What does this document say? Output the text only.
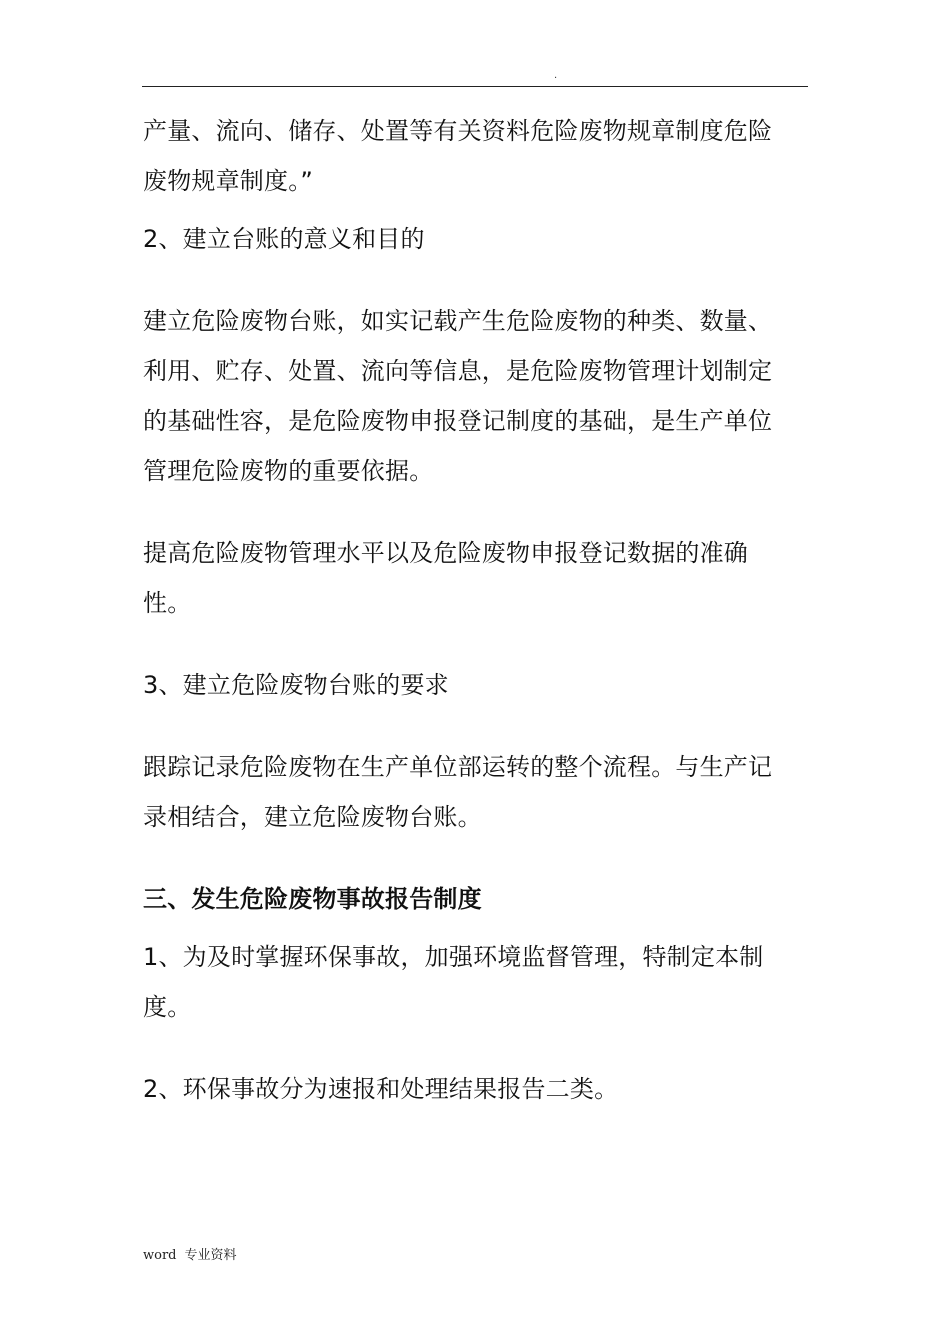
.

产量、流向、储存、处置等有关资料危险废物规章制度危险
废物规章制度。”

2、建立台账的意义和目的

建立危险废物台账，如实记载产生危险废物的种类、数量、
利用、贮存、处置、流向等信息，是危险废物管理计划制定
的基础性容，是危险废物申报登记制度的基础，是生产单位
管理危险废物的重要依据。

提高危险废物管理水平以及危险废物申报登记数据的准确
性。

3、建立危险废物台账的要求

跟踪记录危险废物在生产单位部运转的整个流程。与生产记
录相结合，建立危险废物台账。

三、发生危险废物事故报告制度

1、为及时掌握环保事故，加强环境监督管理，特制定本制
度。

2、环保事故分为速报和处理结果报告二类。

word 专业资料
